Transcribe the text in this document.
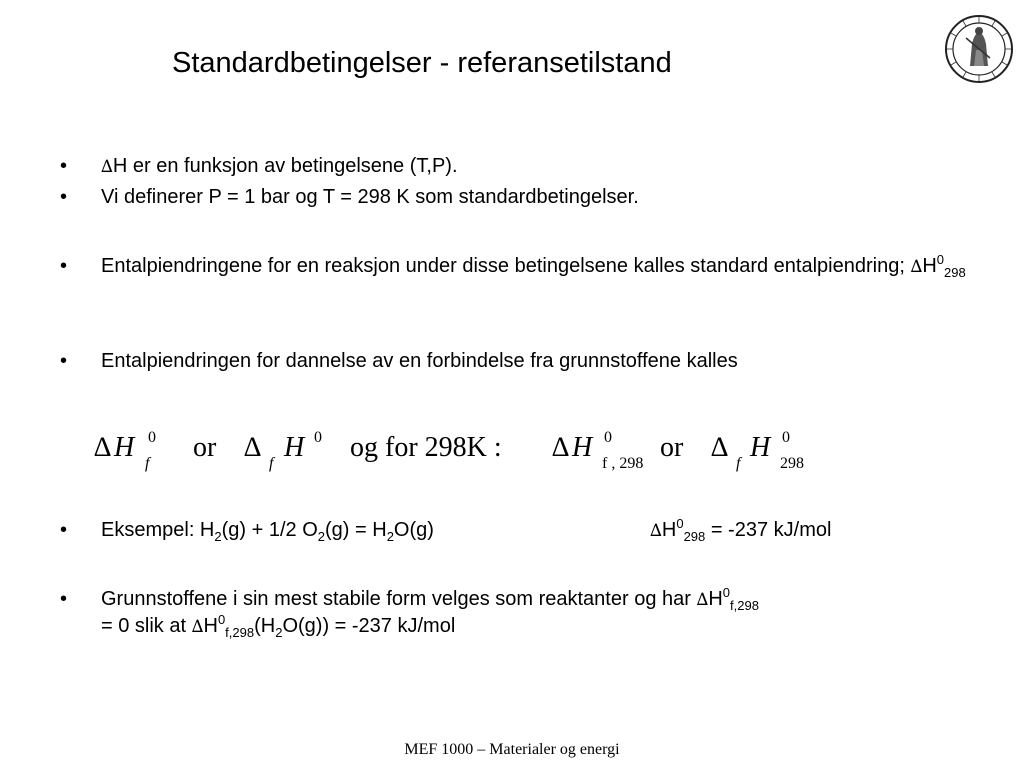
Standardbetingelser - referansetilstand
• ∆H er en funksjon av betingelsene (T,P).
• Vi definerer P = 1 bar og T = 298 K som standardbetingelser.
• Entalpiendringene for en reaksjon under disse betingelsene kalles standard entalpiendring; $\Delta H^0_{298}$
• Entalpiendringen for dannelse av en forbindelse fra grunnstoffene kalles
• Eksempel: $H_2(g) + 1/2$ $O_2(g) = H_2O(g)$	$\Delta H^0_{298} = -237$ kJ/mol
• Grunnstoffene i sin mest stabile form velges som reaktanter og har $\Delta H^0_{f,298}$
= 0 slik at $\Delta H^0_{f,298}(H_2O(g)) = -237$ kJ/mol
∆ H 0
f
or ∆
f
H 0 og for 298K : ∆ H 0
f , 298
or ∆
f
H 0
298
MEF 1000 – Materialer og energi
